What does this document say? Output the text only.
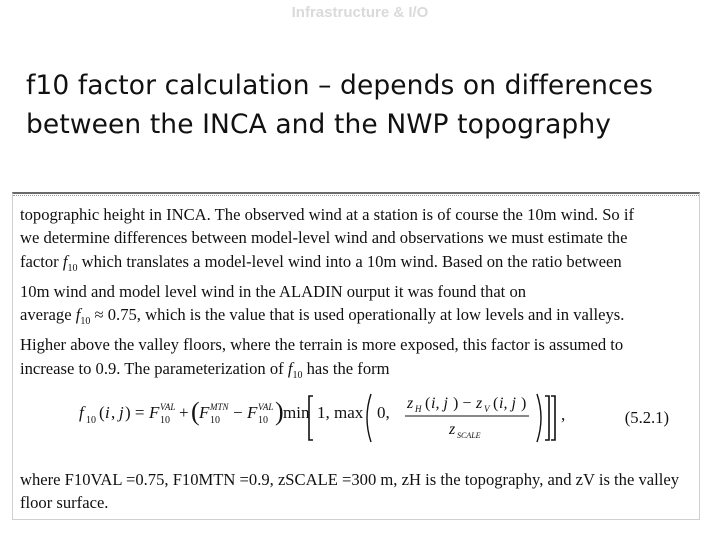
Infrastructure & I/O
f10 factor calculation – depends on differences between the INCA and the NWP topography
topographic height in INCA. The observed wind at a station is of course the 10m wind. So if
we determine differences between model-level wind and observations we must estimate the
factor $f_{10}$ which translates a model-level wind into a 10m wind. Based on the ratio between
10m wind and model level wind in the ALADIN ourput it was found that on
average $f_{10} \approx 0.75$, which is the value that is used operationally at low levels and in valleys.
Higher above the valley floors, where the terrain is more exposed, this factor is assumed to
increase to 0.9. The parameterization of $f_{10}$ has the form
f 10 ( i , j ) = F VAL
10 + ( F MTN
10 − F VAL
10 ) min 1, max 0, z H ( i, j ) − z V ( i, j )
z SCALE
,	(5.2.1)
where F10VAL =0.75, F10MTN =0.9, zSCALE =300 m, zH is the topography, and zV is the valley
floor surface.
